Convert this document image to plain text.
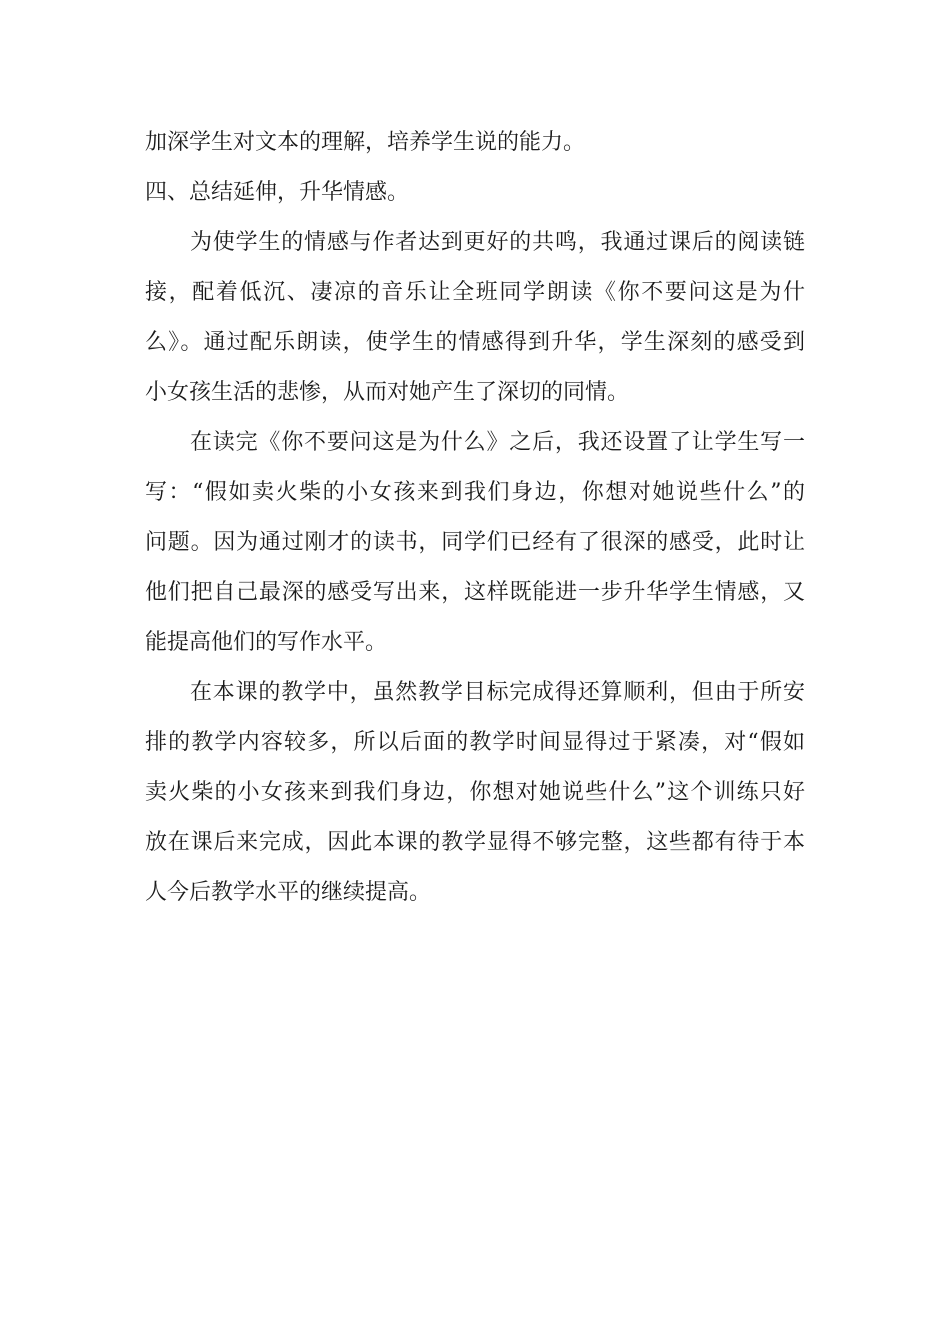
加深学生对文本的理解，培养学生说的能力。
四、总结延伸，升华情感。
为使学生的情感与作者达到更好的共鸣，我通过课后的阅读链
接，配着低沉、凄凉的音乐让全班同学朗读《你不要问这是为什
么》。通过配乐朗读，使学生的情感得到升华，学生深刻的感受到
小女孩生活的悲惨，从而对她产生了深切的同情。
在读完《你不要问这是为什么》之后，我还设置了让学生写一
写：“假如卖火柴的小女孩来到我们身边，你想对她说些什么”的
问题。因为通过刚才的读书，同学们已经有了很深的感受，此时让
他们把自己最深的感受写出来，这样既能进一步升华学生情感，又
能提高他们的写作水平。
在本课的教学中，虽然教学目标完成得还算顺利，但由于所安
排的教学内容较多，所以后面的教学时间显得过于紧凑，对“假如
卖火柴的小女孩来到我们身边，你想对她说些什么”这个训练只好
放在课后来完成，因此本课的教学显得不够完整，这些都有待于本
人今后教学水平的继续提高。
